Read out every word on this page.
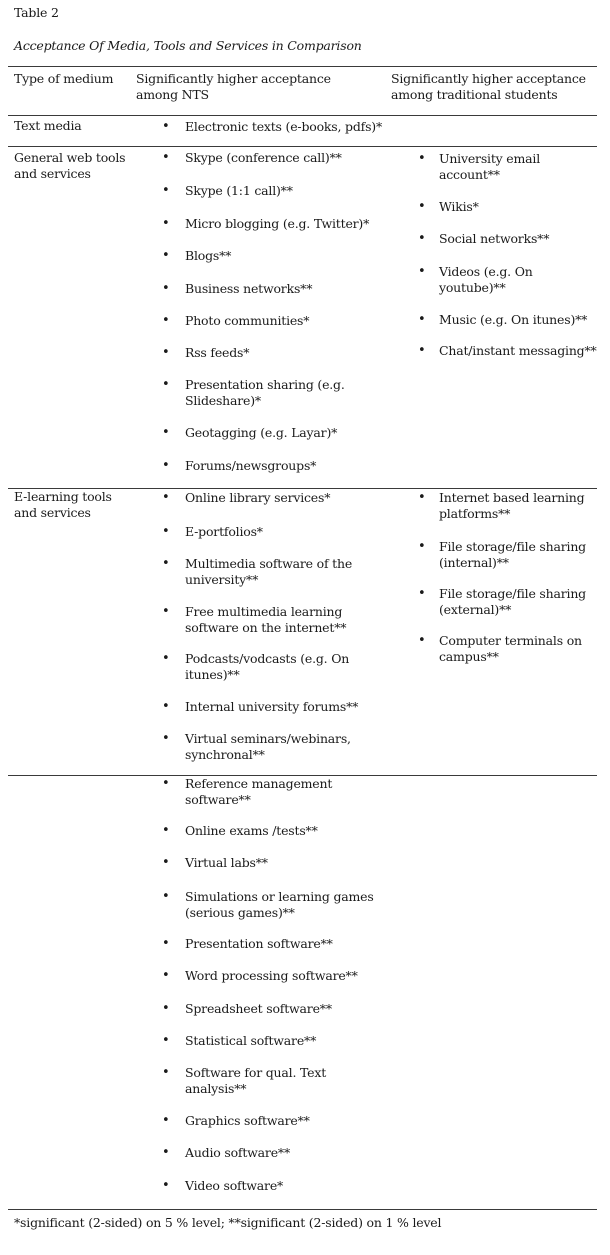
Table 2
Acceptance Of Media, Tools and Services in Comparison
Type of medium	Significantly higher acceptance among NTS
Significantly higher acceptance among traditional students
Text media
•	Electronic texts (e-books, pdfs)*
General web tools and services
• Skype (conference call)**
• Skype (1:1 call)**
• Micro blogging (e.g. Twitter)*
• Blogs**
• Business networks**
• Photo communities*
• Rss feeds*
• Presentation sharing (e.g. Slideshare)*
• Geotagging (e.g. Layar)*
• Forums/newsgroups*
• University email account**
• Wikis*
• Social networks**
• Videos (e.g. On youtube)**
• Music (e.g. On itunes)**
• Chat/instant messaging**
E-learning tools and services
• Online library services*
• E-portfolios*
• Multimedia software of the university**
• Free multimedia learning software on the internet**
• Podcasts/vodcasts (e.g. On itunes)**
• Internal university forums**
• Virtual seminars/webinars, synchronal**
• Internet based learning platforms**
• File storage/file sharing (internal)**
• File storage/file sharing (external)**
• Computer terminals on campus**
• Reference management software**
• Online exams /tests**
• Virtual labs**
• Simulations or learning games (serious games)**
• Presentation software**
• Word processing software**
• Spreadsheet software**
• Statistical software**
• Software for qual. Text analysis**
• Graphics software**
• Audio software**
• Video software*
*significant (2-sided) on 5 % level; **significant (2-sided) on 1 % level
